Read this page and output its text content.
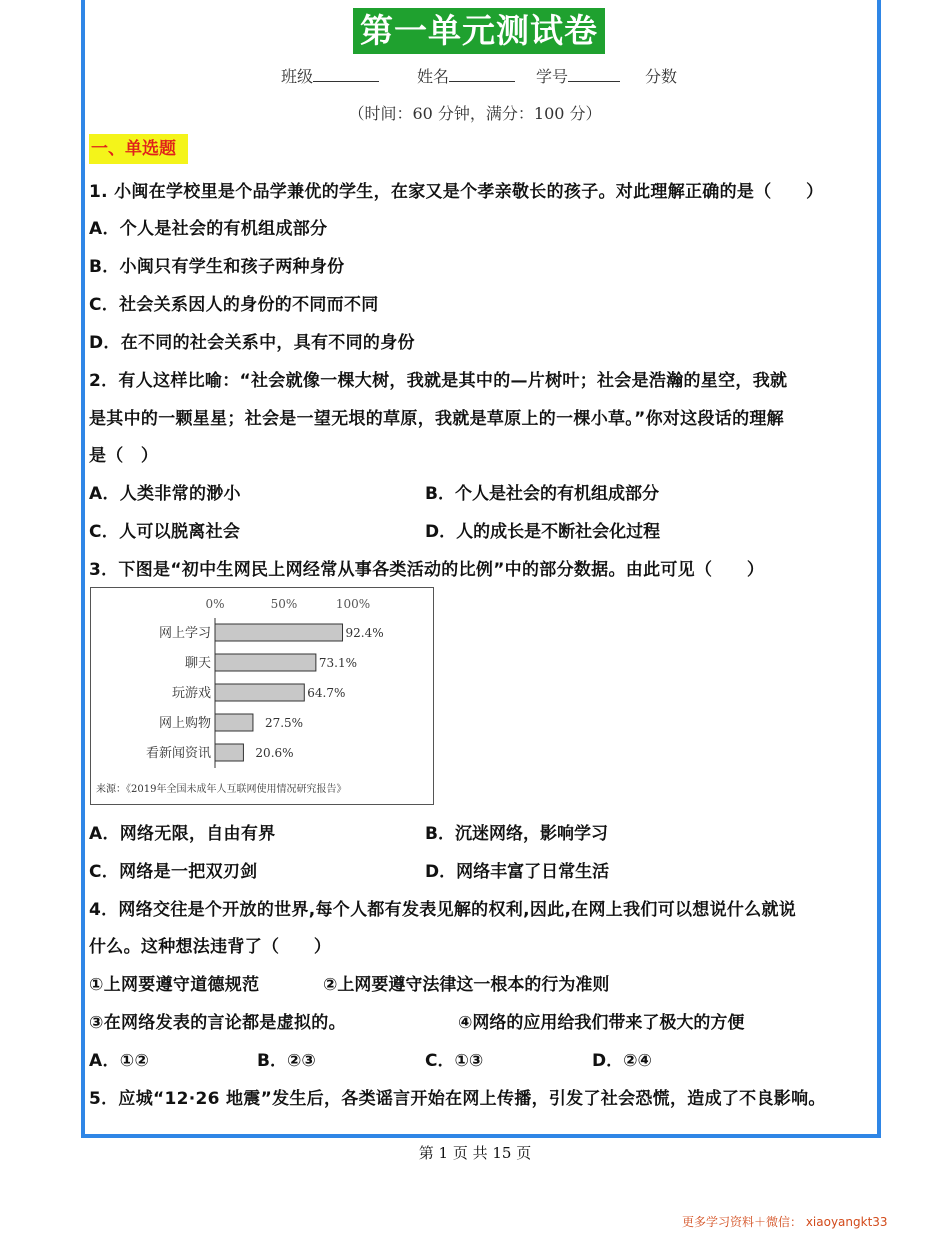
第一单元测试卷
班级	姓名	学号	分数
（时间：60 分钟，满分：100 分）
一、单选题
1. 小闽在学校里是个品学兼优的学生，在家又是个孝亲敬长的孩子。对此理解正确的是（　　）
A．个人是社会的有机组成部分
B．小闽只有学生和孩子两种身份
C．社会关系因人的身份的不同而不同
D．在不同的社会关系中，具有不同的身份
2．有人这样比喻：“社会就像一棵大树，我就是其中的—片树叶；社会是浩瀚的星空，我就
是其中的一颗星星；社会是一望无垠的草原，我就是草原上的一棵小草。”你对这段话的理解
是（　）
A．人类非常的渺小	B．个人是社会的有机组成部分
C．人可以脱离社会	D．人的成长是不断社会化过程
3．下图是“初中生网民上网经常从事各类活动的比例”中的部分数据。由此可见（　　）
0%	50%	100%
网上学习	92.4%
聊天	73.1%
玩游戏	64.7%
网上购物	27.5%
看新闻资讯	20.6%
来源：《2019年全国未成年人互联网使用情况研究报告》
A．网络无限，自由有界	B．沉迷网络，影响学习
C．网络是一把双刃剑	D．网络丰富了日常生活
4．网络交往是个开放的世界,每个人都有发表见解的权利,因此,在网上我们可以想说什么就说
什么。这种想法违背了（　　）
①上网要遵守道德规范	②上网要遵守法律这一根本的行为准则
③在网络发表的言论都是虚拟的。	④网络的应用给我们带来了极大的方便
A．①②	B．②③	C．①③	D．②④
5．应城“12·26 地震”发生后，各类谣言开始在网上传播，引发了社会恐慌，造成了不良影响。
第 1 页 共 15 页
更多学习资料＋微信： xiaoyangkt33
